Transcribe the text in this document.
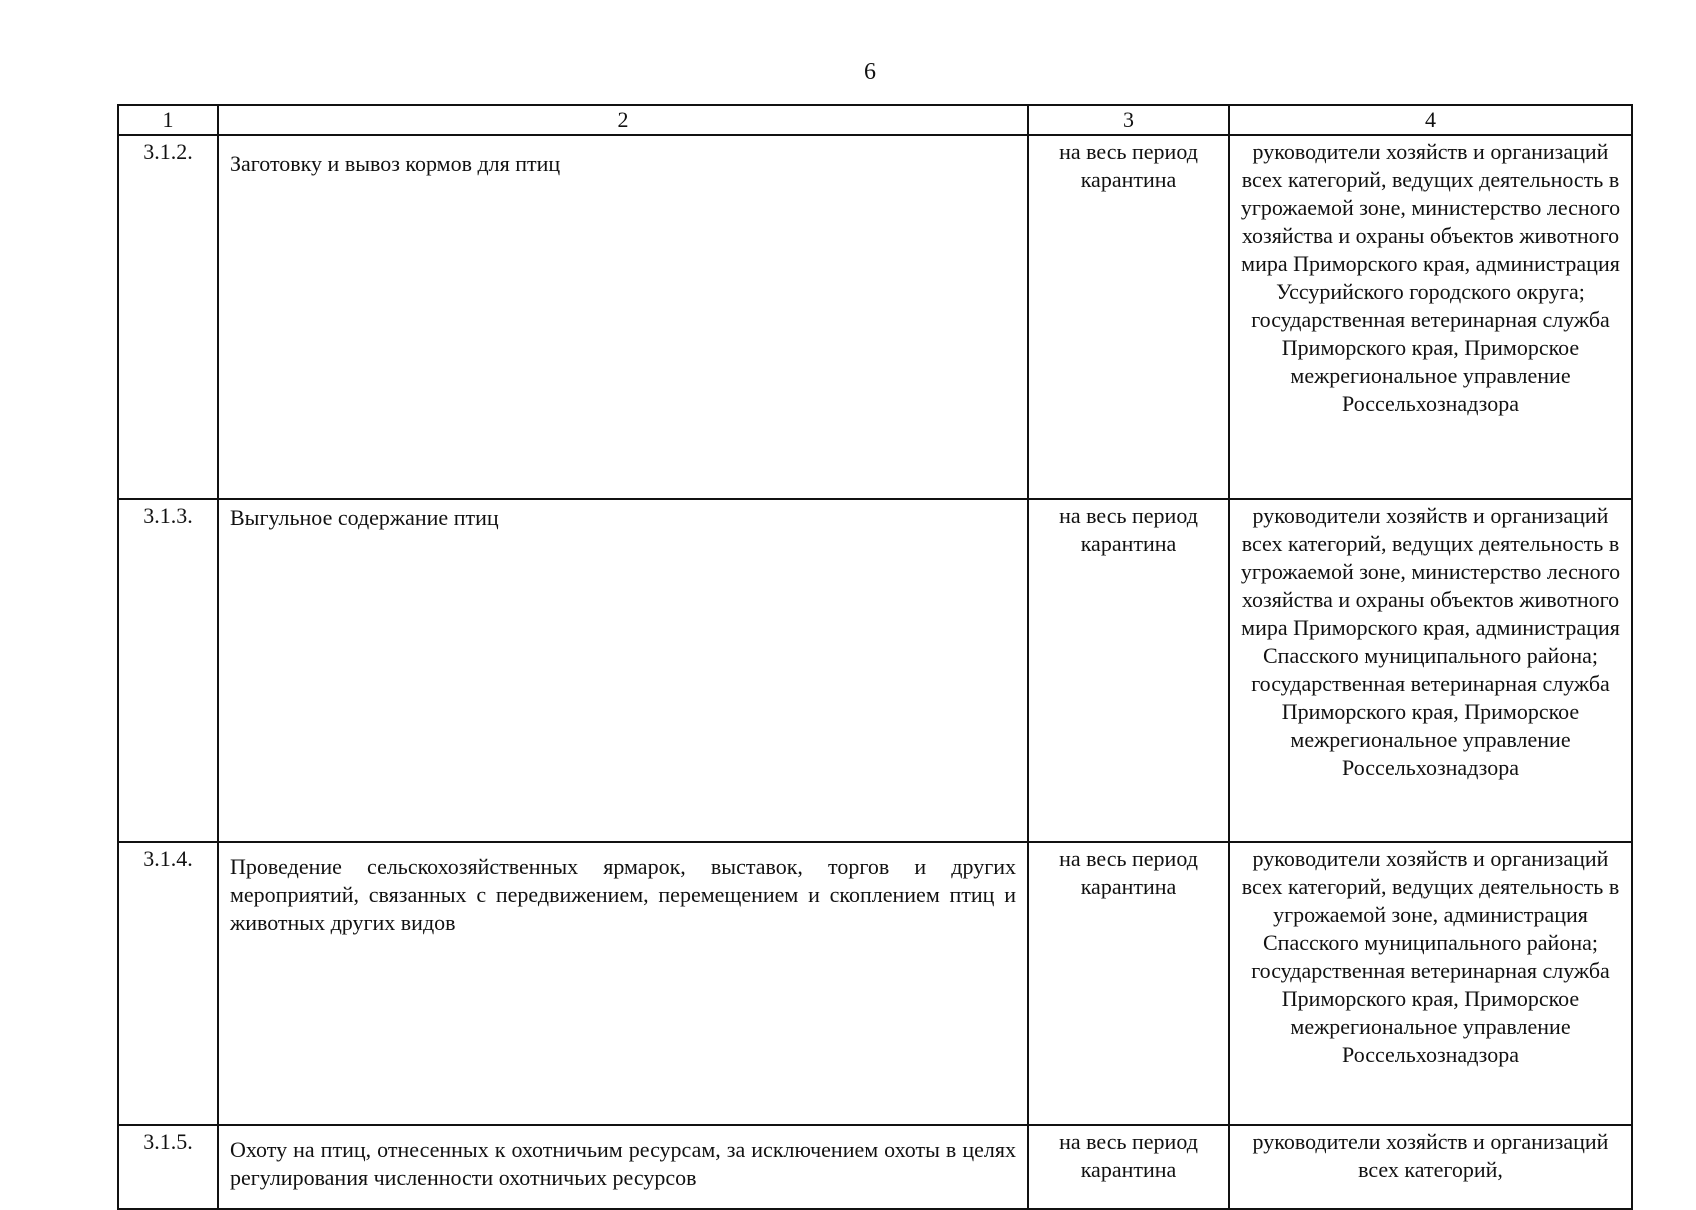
6
1	2	3	4
3.1.2.	Заготовку и вывоз кормов для птиц	на весь период карантина	руководители хозяйств и организаций всех категорий, ведущих деятельность в угрожаемой зоне, министерство лесного хозяйства и охраны объектов животного мира Приморского края, администрация Уссурийского городского округа; государственная ветеринарная служба Приморского края, Приморское межрегиональное управление Россельхознадзора
3.1.3.	Выгульное содержание птиц	на весь период карантина	руководители хозяйств и организаций всех категорий, ведущих деятельность в угрожаемой зоне, министерство лесного хозяйства и охраны объектов животного мира Приморского края, администрация Спасского муниципального района; государственная ветеринарная служба Приморского края, Приморское межрегиональное управление Россельхознадзора
3.1.4.	Проведение сельскохозяйственных ярмарок, выставок, торгов и других мероприятий, связанных с передвижением, перемещением и скоплением птиц и животных других видов	на весь период карантина	руководители хозяйств и организаций всех категорий, ведущих деятельность в угрожаемой зоне, администрация Спасского муниципального района; государственная ветеринарная служба Приморского края, Приморское межрегиональное управление Россельхознадзора
3.1.5.	Охоту на птиц, отнесенных к охотничьим ресурсам, за исключением охоты в целях регулирования численности охотничьих ресурсов	на весь период карантина	руководители хозяйств и организаций всех категорий,
